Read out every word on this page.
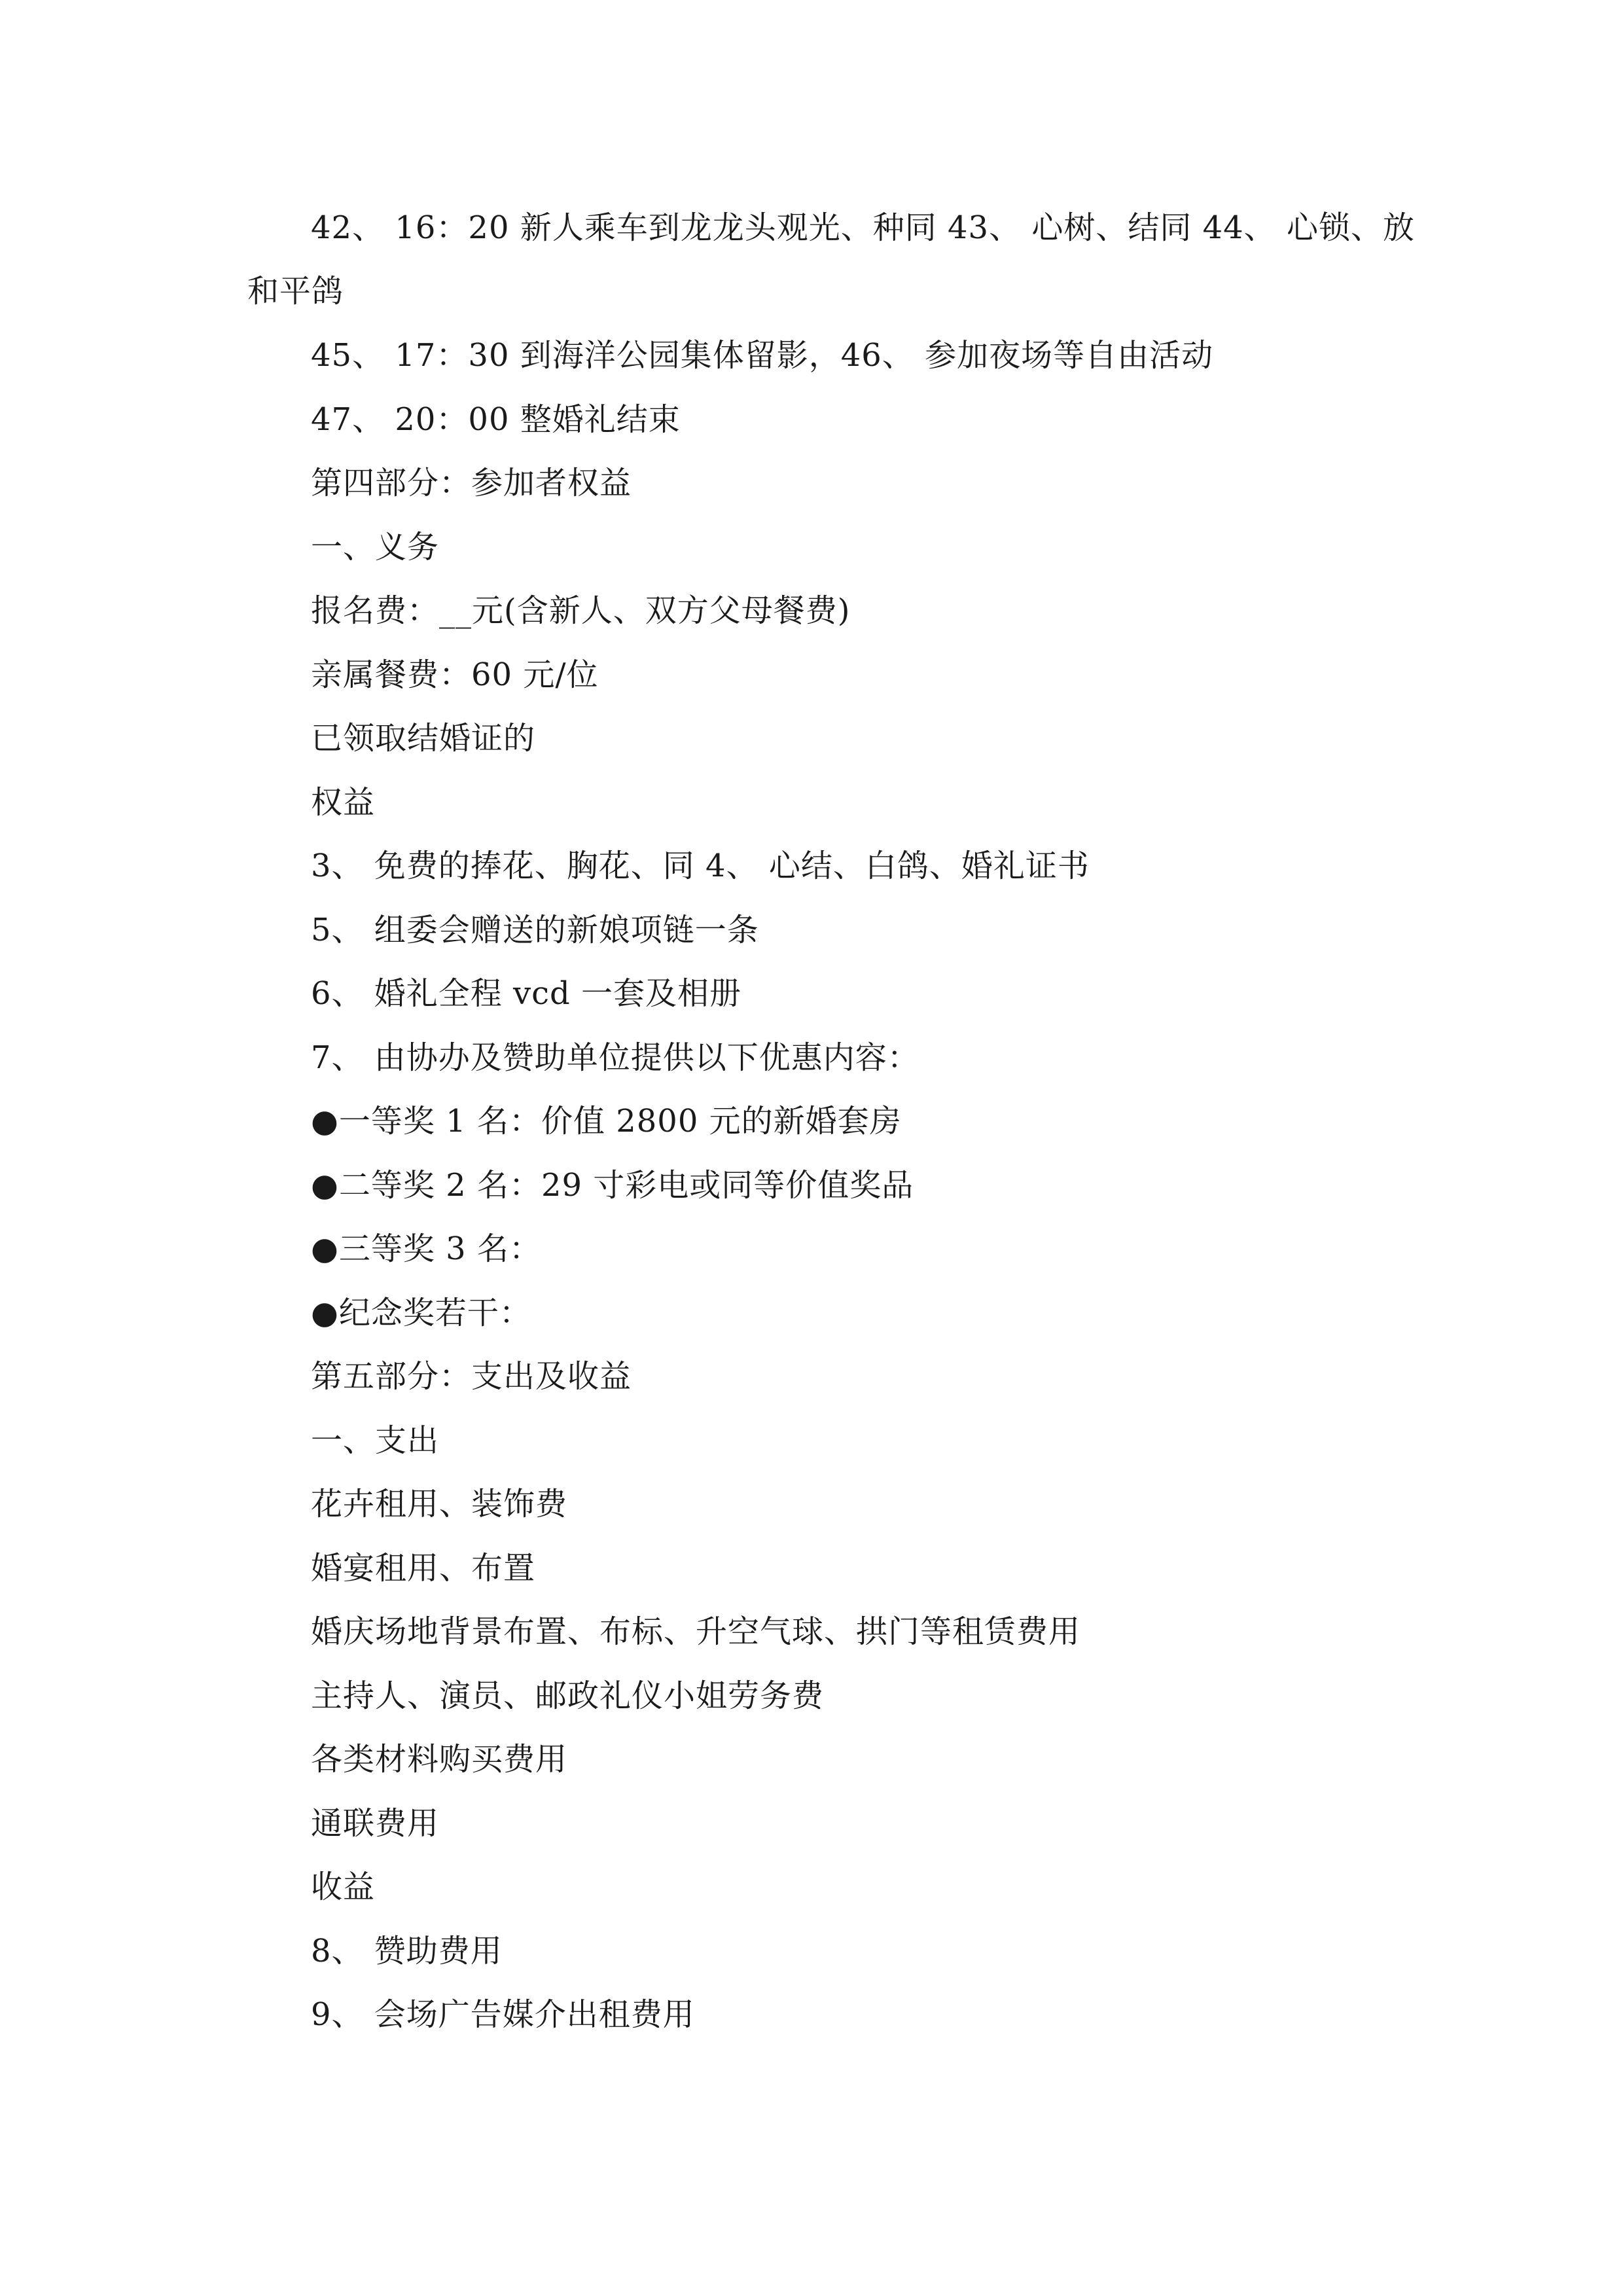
42、 16：20 新人乘车到龙龙头观光、种同 43、 心树、结同 44、 心锁、放
和平鸽
45、 17：30 到海洋公园集体留影，46、 参加夜场等自由活动
47、 20：00 整婚礼结束
第四部分：参加者权益
一、义务
报名费：__元(含新人、双方父母餐费)
亲属餐费：60 元/位
已领取结婚证的
权益
3、 免费的捧花、胸花、同 4、 心结、白鸽、婚礼证书
5、 组委会赠送的新娘项链一条
6、 婚礼全程 vcd 一套及相册
7、 由协办及赞助单位提供以下优惠内容：
●一等奖 1 名：价值 2800 元的新婚套房
●二等奖 2 名：29 寸彩电或同等价值奖品
●三等奖 3 名：
●纪念奖若干：
第五部分：支出及收益
一、支出
花卉租用、装饰费
婚宴租用、布置
婚庆场地背景布置、布标、升空气球、拱门等租赁费用
主持人、演员、邮政礼仪小姐劳务费
各类材料购买费用
通联费用
收益
8、 赞助费用
9、 会场广告媒介出租费用
